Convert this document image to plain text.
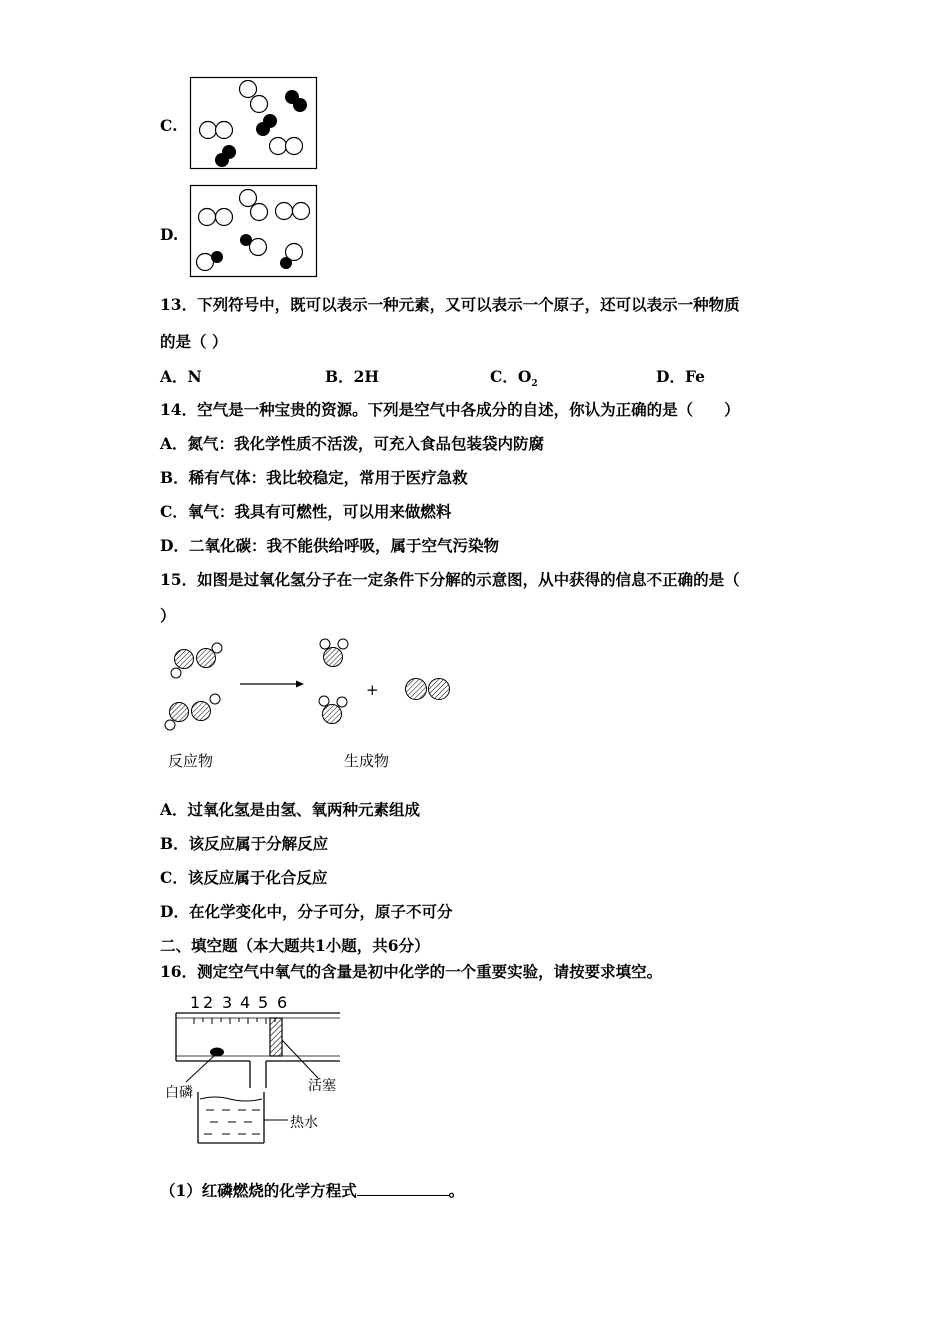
C.
D.
13．下列符号中，既可以表示一种元素，又可以表示一个原子，还可以表示一种物质
的是（ ）
A．N	B．2H	C．$O_2$	D．Fe
14．空气是一种宝贵的资源。下列是空气中各成分的自述，你认为正确的是（　　）
A．氮气：我化学性质不活泼，可充入食品包装袋内防腐
B．稀有气体：我比较稳定，常用于医疗急救
C．氧气：我具有可燃性，可以用来做燃料
D．二氧化碳：我不能供给呼吸，属于空气污染物
15．如图是过氧化氢分子在一定条件下分解的示意图，从中获得的信息不正确的是（
）
+
反应物	生成物
A．过氧化氢是由氢、氧两种元素组成
B．该反应属于分解反应
C．该反应属于化合反应
D．在化学变化中，分子可分，原子不可分
二、填空题（本大题共1小题，共6分）
16．测定空气中氧气的含量是初中化学的一个重要实验，请按要求填空。
1 2 3 4 5 6
白磷	活塞
热水
（1）红磷燃烧的化学方程式	。
